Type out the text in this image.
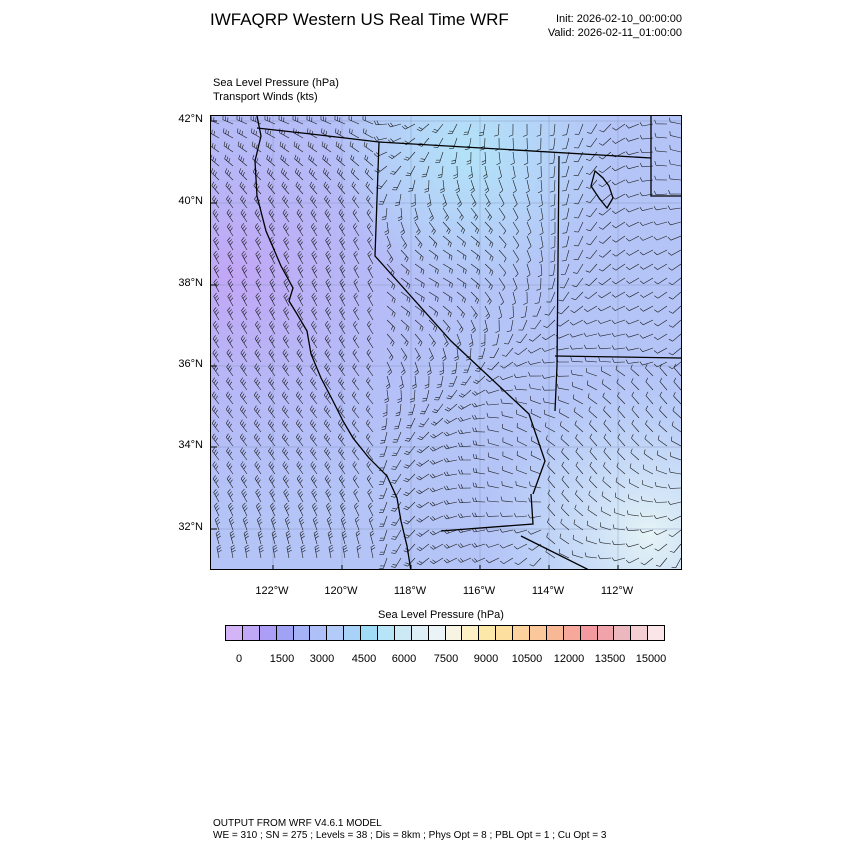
IWFAQRP Western US Real Time WRF	Init: 2026-02-10_00:00:00
Valid: 2026-02-11_01:00:00
Sea Level Pressure (hPa)
Transport Winds (kts)
42°N
40°N
38°N
36°N
34°N
32°N
122°W	120°W	118°W	116°W	114°W	112°W
Sea Level Pressure (hPa)
0	1500	3000	4500	6000	7500	9000	10500	12000 13500 15000
OUTPUT FROM WRF V4.6.1 MODEL
WE = 310 ; SN = 275 ; Levels = 38 ; Dis = 8km ; Phys Opt = 8 ; PBL Opt = 1 ; Cu Opt = 3
